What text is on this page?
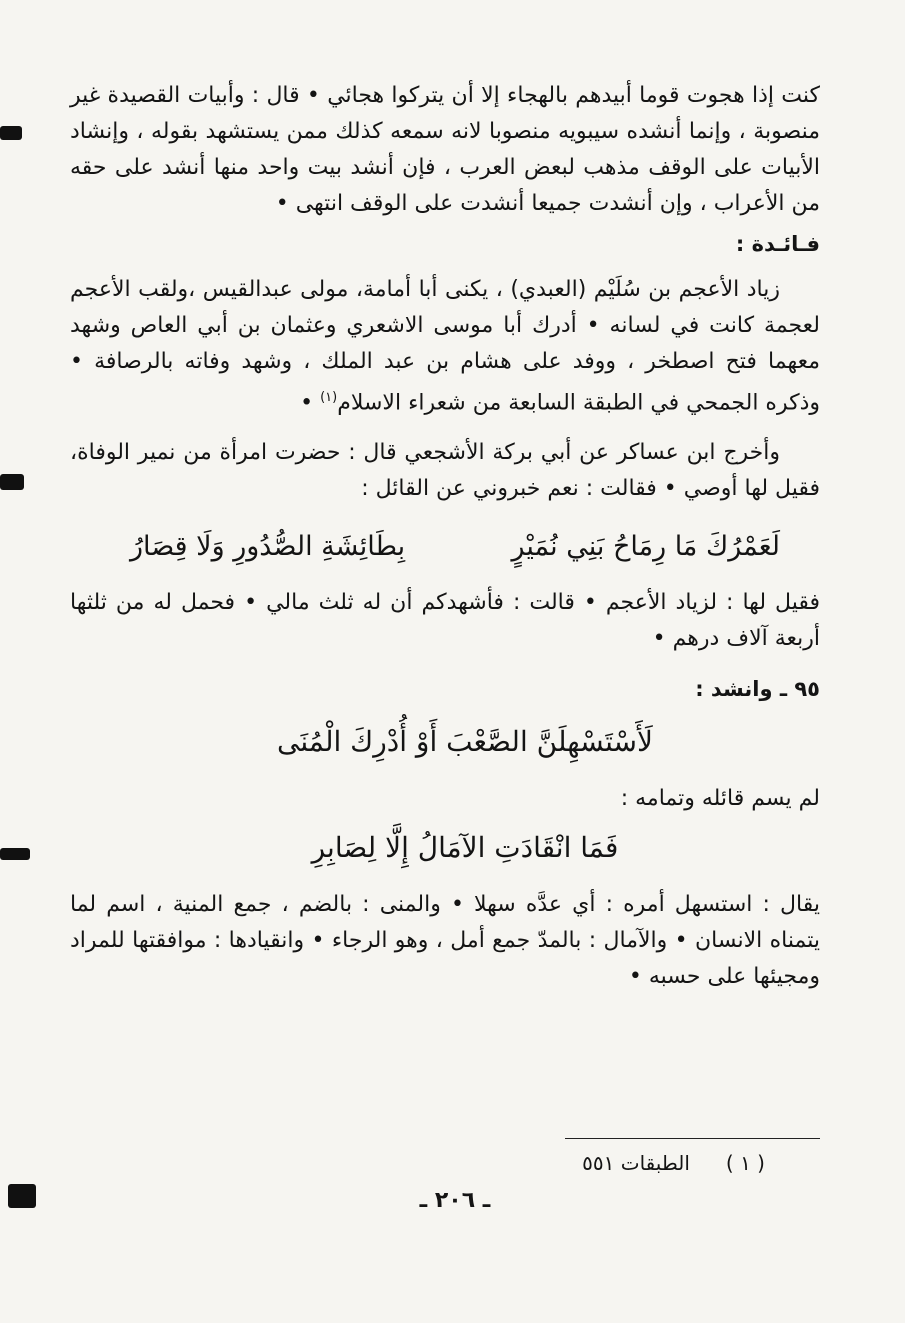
كنت إذا هجوت قوما أبيدهم بالهجاء إلا أن يتركوا هجائي • قال : وأبيات القصيدة غير منصوبة ، وإنما أنشده سيبويه منصوبا لانه سمعه كذلك ممن يستشهد بقوله ، وإنشاد الأبيات على الوقف مذهب لبعض العرب ، فإن أنشد بيت واحد منها أنشد على حقه من الأعراب ، وإن أنشدت جميعا أنشدت على الوقف انتهى •

فـائـدة :

زياد الأعجم بن سُلَيْم (العبدي) ، يكنى أبا أمامة، مولى عبدالقيس ،ولقب الأعجم لعجمة كانت في لسانه • أدرك أبا موسى الاشعري وعثمان بن أبي العاص وشهد معهما فتح اصطخر ، ووفد على هشام بن عبد الملك ، وشهد وفاته بالرصافة • وذكره الجمحي في الطبقة السابعة من شعراء الاسلام$^{(١)}$ •

وأخرج ابن عساكر عن أبي بركة الأشجعي قال : حضرت امرأة من نمير الوفاة، فقيل لها أوصي • فقالت : نعم خبروني عن القائل :

لَعَمْرُكَ مَا رِمَاحُ بَنِي نُمَيْرٍ
بِطَائِشَةِ الصُّدُورِ وَلَا قِصَارُ

فقيل لها : لزياد الأعجم • قالت : فأشهدكم أن له ثلث مالي • فحمل له من ثلثها أربعة آلاف درهم •

٩٥ ـ وانشد :

لَأَسْتَسْهِلَنَّ الصَّعْبَ أَوْ أُدْرِكَ الْمُنَى

لم يسم قائله وتمامه :

فَمَا انْقَادَتِ الآمَالُ إِلَّا لِصَابِرِ

يقال : استسهل أمره : أي عدَّه سهلا • والمنى : بالضم ، جمع المنية ، اسم لما يتمناه الانسان • والآمال : بالمدّ جمع أمل ، وهو الرجاء • وانقيادها : موافقتها للمراد ومجيئها على حسبه •

( ١ )
الطبقات ٥٥١
ـ ٢٠٦ ـ
